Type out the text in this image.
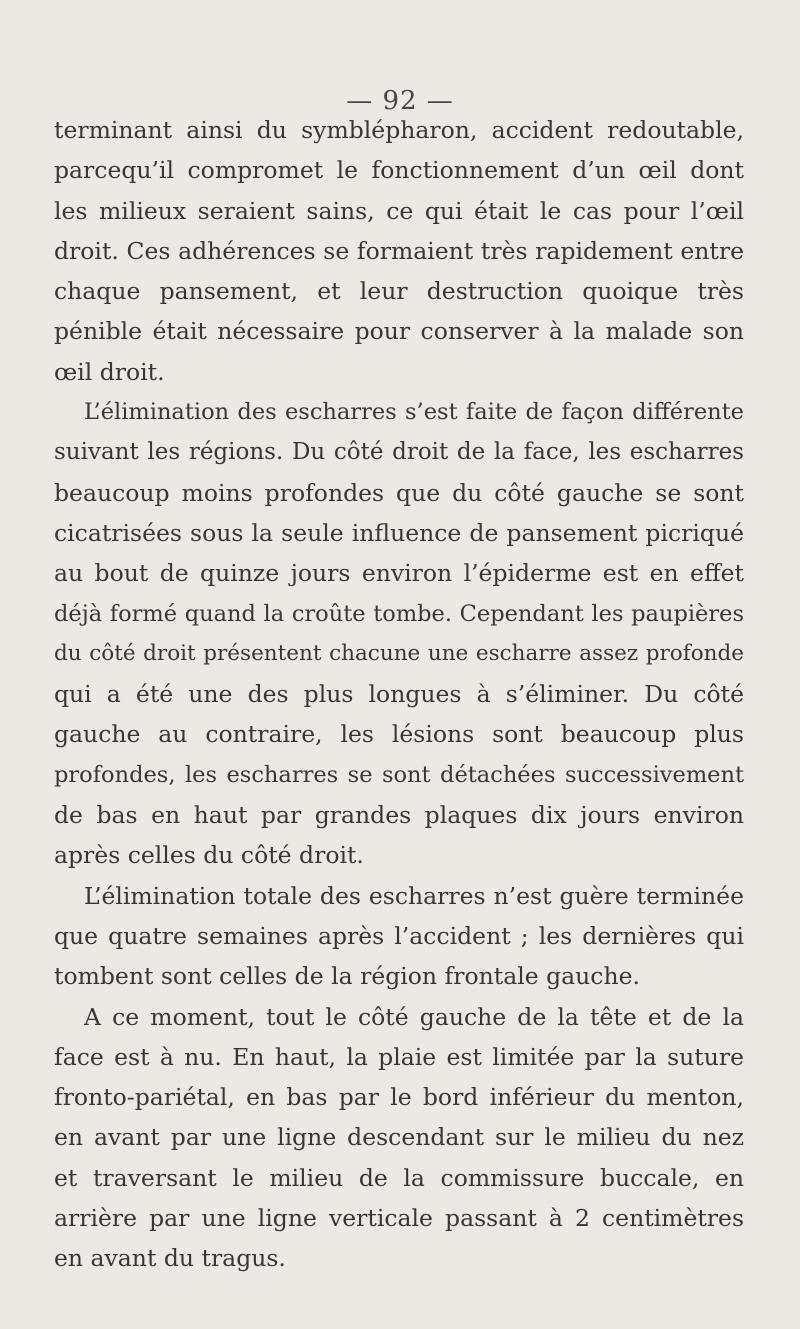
— 92 —
terminant ainsi du symblépharon, accident redoutable,
parcequ’il compromet le fonctionnement d’un œil dont
les milieux seraient sains, ce qui était le cas pour l’œil
droit. Ces adhérences se formaient très rapidement entre
chaque pansement, et leur destruction quoique très
pénible était nécessaire pour conserver à la malade son
œil droit.
L’élimination des escharres s’est faite de façon différente
suivant les régions. Du côté droit de la face, les escharres
beaucoup moins profondes que du côté gauche se sont
cicatrisées sous la seule influence de pansement picriqué
au bout de quinze jours environ l’épiderme est en effet
déjà formé quand la croûte tombe. Cependant les paupières
du côté droit présentent chacune une escharre assez profonde
qui a été une des plus longues à s’éliminer. Du côté
gauche au contraire, les lésions sont beaucoup plus
profondes, les escharres se sont détachées successivement
de bas en haut par grandes plaques dix jours environ
après celles du côté droit.
L’élimination totale des escharres n’est guère terminée
que quatre semaines après l’accident ; les dernières qui
tombent sont celles de la région frontale gauche.
A ce moment, tout le côté gauche de la tête et de la
face est à nu. En haut, la plaie est limitée par la suture
fronto-pariétal, en bas par le bord inférieur du menton,
en avant par une ligne descendant sur le milieu du nez
et traversant le milieu de la commissure buccale, en
arrière par une ligne verticale passant à 2 centimètres
en avant du tragus.
